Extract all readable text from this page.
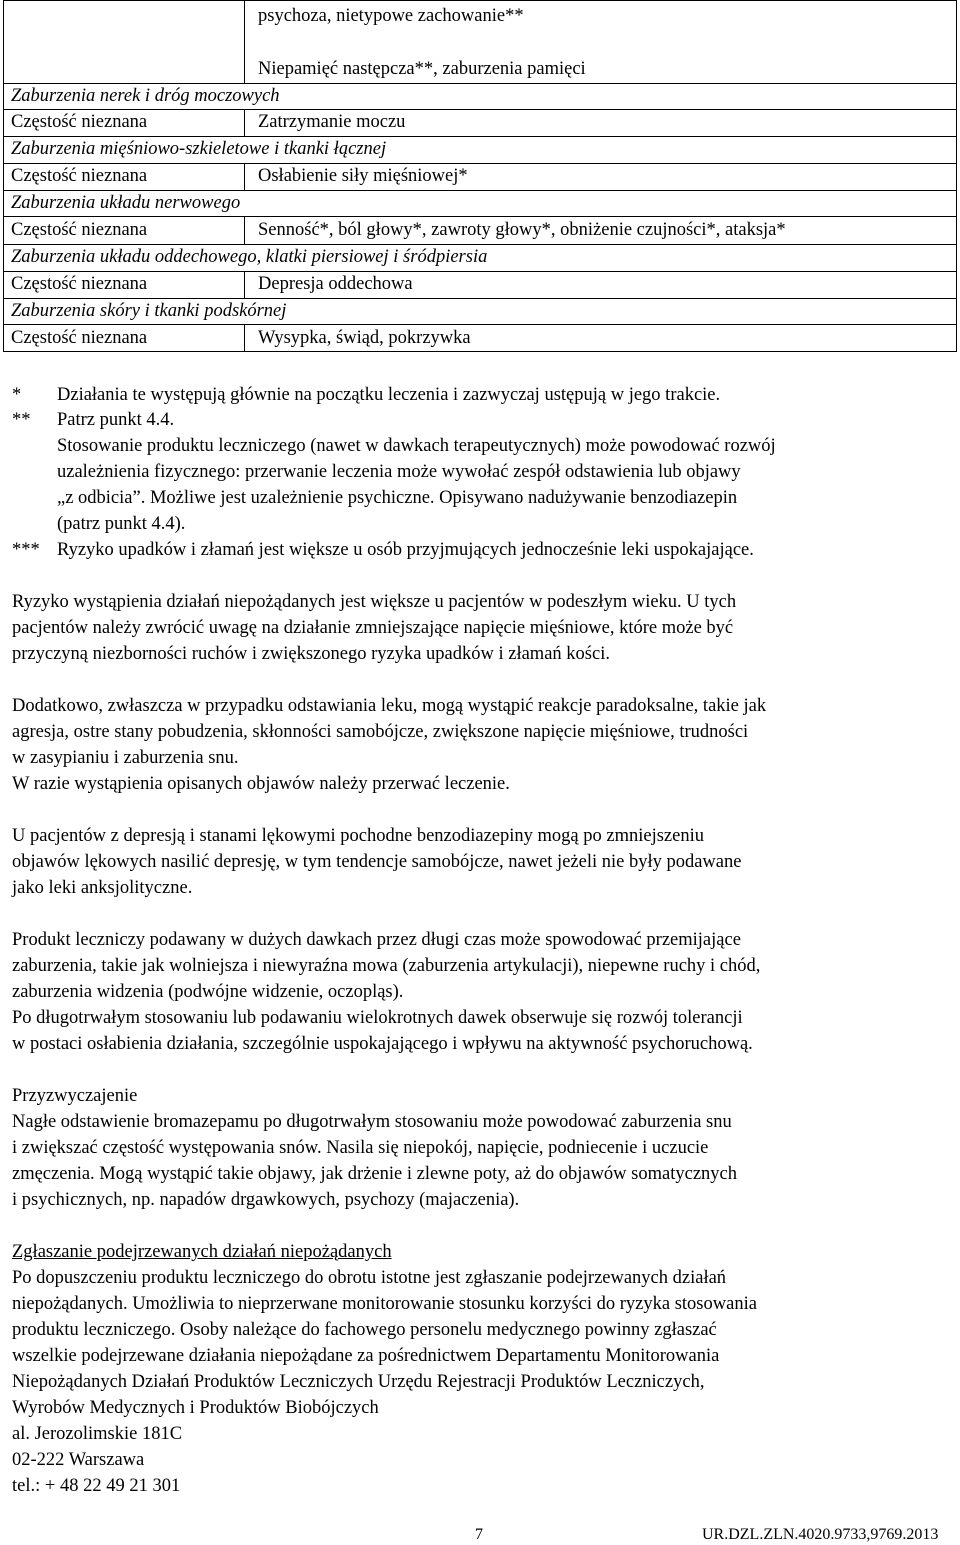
psychoza, nietypowe zachowanie**
Niepamięć następcza**, zaburzenia pamięci
Zaburzenia nerek i dróg moczowych
Częstość nieznana	Zatrzymanie moczu
Zaburzenia mięśniowo-szkieletowe i tkanki łącznej
Częstość nieznana	Osłabienie siły mięśniowej*
Zaburzenia układu nerwowego
Częstość nieznana	Senność*, ból głowy*, zawroty głowy*, obniżenie czujności*, ataksja*
Zaburzenia układu oddechowego, klatki piersiowej i śródpiersia
Częstość nieznana	Depresja oddechowa
Zaburzenia skóry i tkanki podskórnej
Częstość nieznana	Wysypka, świąd, pokrzywka
* Działania te występują głównie na początku leczenia i zazwyczaj ustępują w jego trakcie.
** Patrz punkt 4.4.
Stosowanie produktu leczniczego (nawet w dawkach terapeutycznych) może powodować rozwój
uzależnienia fizycznego: przerwanie leczenia może wywołać zespół odstawienia lub objawy
„z odbicia”. Możliwe jest uzależnienie psychiczne. Opisywano nadużywanie benzodiazepin
(patrz punkt 4.4).
*** Ryzyko upadków i złamań jest większe u osób przyjmujących jednocześnie leki uspokajające.
Ryzyko wystąpienia działań niepożądanych jest większe u pacjentów w podeszłym wieku. U tych
pacjentów należy zwrócić uwagę na działanie zmniejszające napięcie mięśniowe, które może być
przyczyną niezborności ruchów i zwiększonego ryzyka upadków i złamań kości.
Dodatkowo, zwłaszcza w przypadku odstawiania leku, mogą wystąpić reakcje paradoksalne, takie jak
agresja, ostre stany pobudzenia, skłonności samobójcze, zwiększone napięcie mięśniowe, trudności
w zasypianiu i zaburzenia snu.
W razie wystąpienia opisanych objawów należy przerwać leczenie.
U pacjentów z depresją i stanami lękowymi pochodne benzodiazepiny mogą po zmniejszeniu
objawów lękowych nasilić depresję, w tym tendencje samobójcze, nawet jeżeli nie były podawane
jako leki anksjolityczne.
Produkt leczniczy podawany w dużych dawkach przez długi czas może spowodować przemijające
zaburzenia, takie jak wolniejsza i niewyraźna mowa (zaburzenia artykulacji), niepewne ruchy i chód,
zaburzenia widzenia (podwójne widzenie, oczopląs).
Po długotrwałym stosowaniu lub podawaniu wielokrotnych dawek obserwuje się rozwój tolerancji
w postaci osłabienia działania, szczególnie uspokajającego i wpływu na aktywność psychoruchową.
Przyzwyczajenie
Nagłe odstawienie bromazepamu po długotrwałym stosowaniu może powodować zaburzenia snu
i zwiększać częstość występowania snów. Nasila się niepokój, napięcie, podniecenie i uczucie
zmęczenia. Mogą wystąpić takie objawy, jak drżenie i zlewne poty, aż do objawów somatycznych
i psychicznych, np. napadów drgawkowych, psychozy (majaczenia).
Zgłaszanie podejrzewanych działań niepożądanych
Po dopuszczeniu produktu leczniczego do obrotu istotne jest zgłaszanie podejrzewanych działań
niepożądanych. Umożliwia to nieprzerwane monitorowanie stosunku korzyści do ryzyka stosowania
produktu leczniczego. Osoby należące do fachowego personelu medycznego powinny zgłaszać
wszelkie podejrzewane działania niepożądane za pośrednictwem Departamentu Monitorowania
Niepożądanych Działań Produktów Leczniczych Urzędu Rejestracji Produktów Leczniczych,
Wyrobów Medycznych i Produktów Biobójczych
al. Jerozolimskie 181C
02-222 Warszawa
tel.: + 48 22 49 21 301
7	UR.DZL.ZLN.4020.9733,9769.2013
